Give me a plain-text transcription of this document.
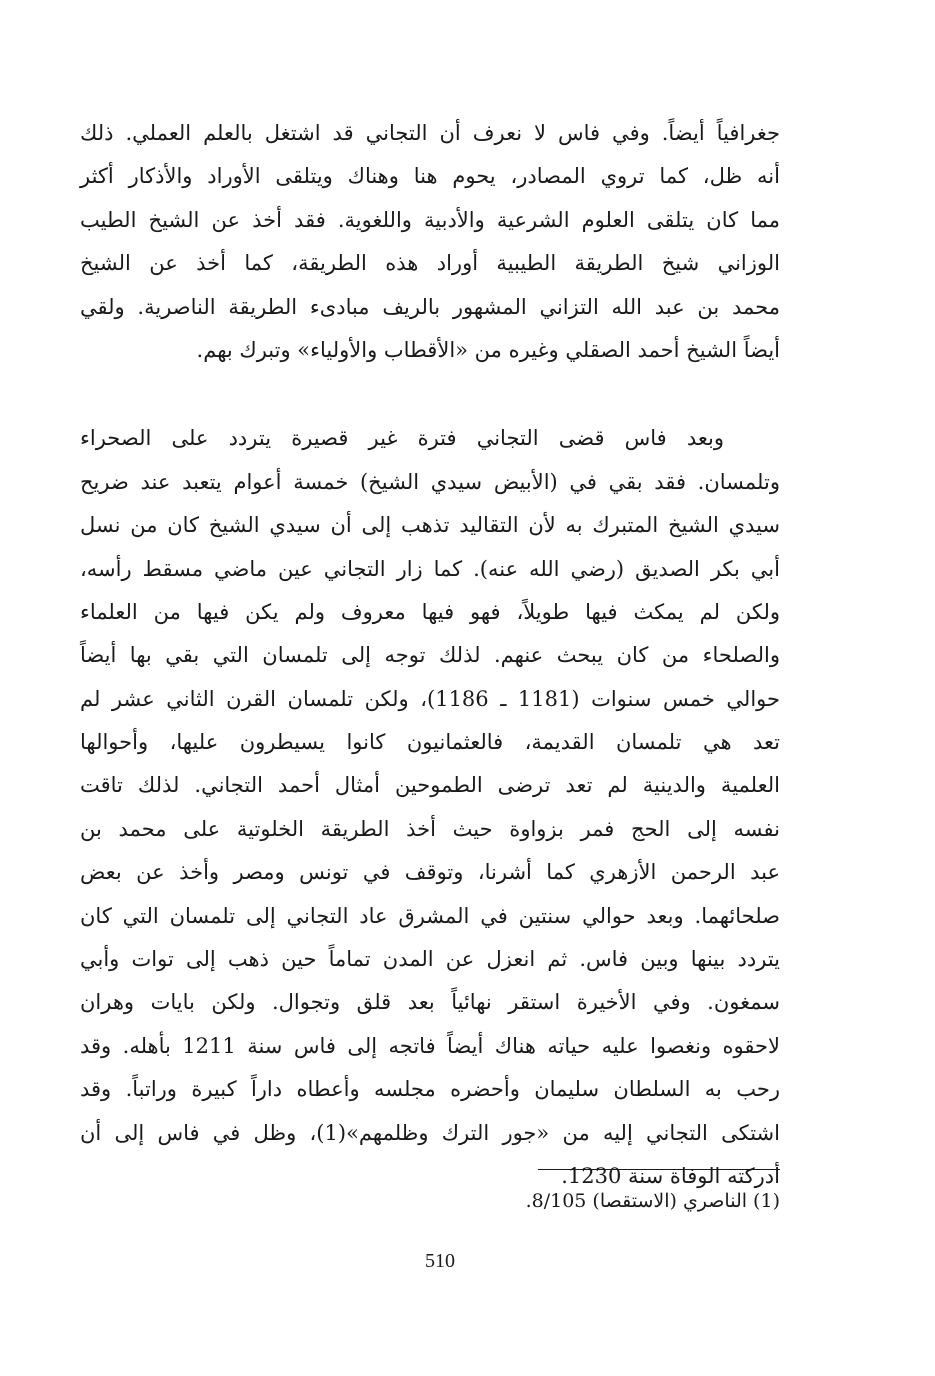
جغرافياً أيضاً. وفي فاس لا نعرف أن التجاني قد اشتغل بالعلم العملي. ذلك
أنه ظل، كما تروي المصادر، يحوم هنا وهناك ويتلقى الأوراد والأذكار أكثر
مما كان يتلقى العلوم الشرعية والأدبية واللغوية. فقد أخذ عن الشيخ الطيب
الوزاني شيخ الطريقة الطيبية أوراد هذه الطريقة، كما أخذ عن الشيخ
محمد بن عبد الله التزاني المشهور بالريف مبادىء الطريقة الناصرية. ولقي
أيضاً الشيخ أحمد الصقلي وغيره من «الأقطاب والأولياء» وتبرك بهم.
وبعد فاس قضى التجاني فترة غير قصيرة يتردد على الصحراء
وتلمسان. فقد بقي في (الأبيض سيدي الشيخ) خمسة أعوام يتعبد عند ضريح
سيدي الشيخ المتبرك به لأن التقاليد تذهب إلى أن سيدي الشيخ كان من نسل
أبي بكر الصديق (رضي الله عنه). كما زار التجاني عين ماضي مسقط رأسه،
ولكن لم يمكث فيها طويلاً، فهو فيها معروف ولم يكن فيها من العلماء
والصلحاء من كان يبحث عنهم. لذلك توجه إلى تلمسان التي بقي بها أيضاً
حوالي خمس سنوات (1181 ـ 1186)، ولكن تلمسان القرن الثاني عشر لم
تعد هي تلمسان القديمة، فالعثمانيون كانوا يسيطرون عليها، وأحوالها
العلمية والدينية لم تعد ترضى الطموحين أمثال أحمد التجاني. لذلك تاقت
نفسه إلى الحج فمر بزواوة حيث أخذ الطريقة الخلوتية على محمد بن
عبد الرحمن الأزهري كما أشرنا، وتوقف في تونس ومصر وأخذ عن بعض
صلحائهما. وبعد حوالي سنتين في المشرق عاد التجاني إلى تلمسان التي كان
يتردد بينها وبين فاس. ثم انعزل عن المدن تماماً حين ذهب إلى توات وأبي
سمغون. وفي الأخيرة استقر نهائياً بعد قلق وتجوال. ولكن بايات وهران
لاحقوه ونغصوا عليه حياته هناك أيضاً فاتجه إلى فاس سنة 1211 بأهله. وقد
رحب به السلطان سليمان وأحضره مجلسه وأعطاه داراً كبيرة وراتباً. وقد
اشتكى التجاني إليه من «جور الترك وظلمهم»(1)، وظل في فاس إلى أن
أدركته الوفاة سنة 1230.
(1) الناصري (الاستقصا) 8/105.
510
